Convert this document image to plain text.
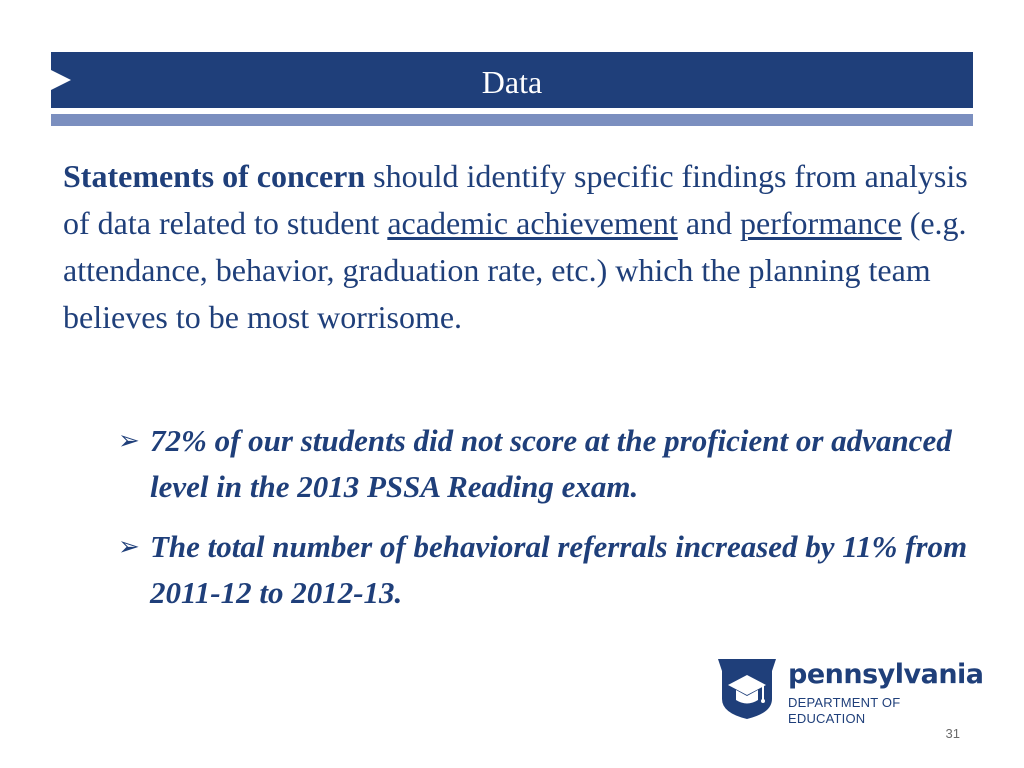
Data

Statements of concern should identify specific findings from analysis of data related to student academic achievement and performance (e.g. attendance, behavior, graduation rate, etc.) which the planning team believes to be most worrisome.

➢ 72% of our students did not score at the proficient or advanced level in the 2013 PSSA Reading exam.
➢ The total number of behavioral referrals increased by 11% from 2011-12 to 2012-13.
pennsylvania
DEPARTMENT OF EDUCATION
31
